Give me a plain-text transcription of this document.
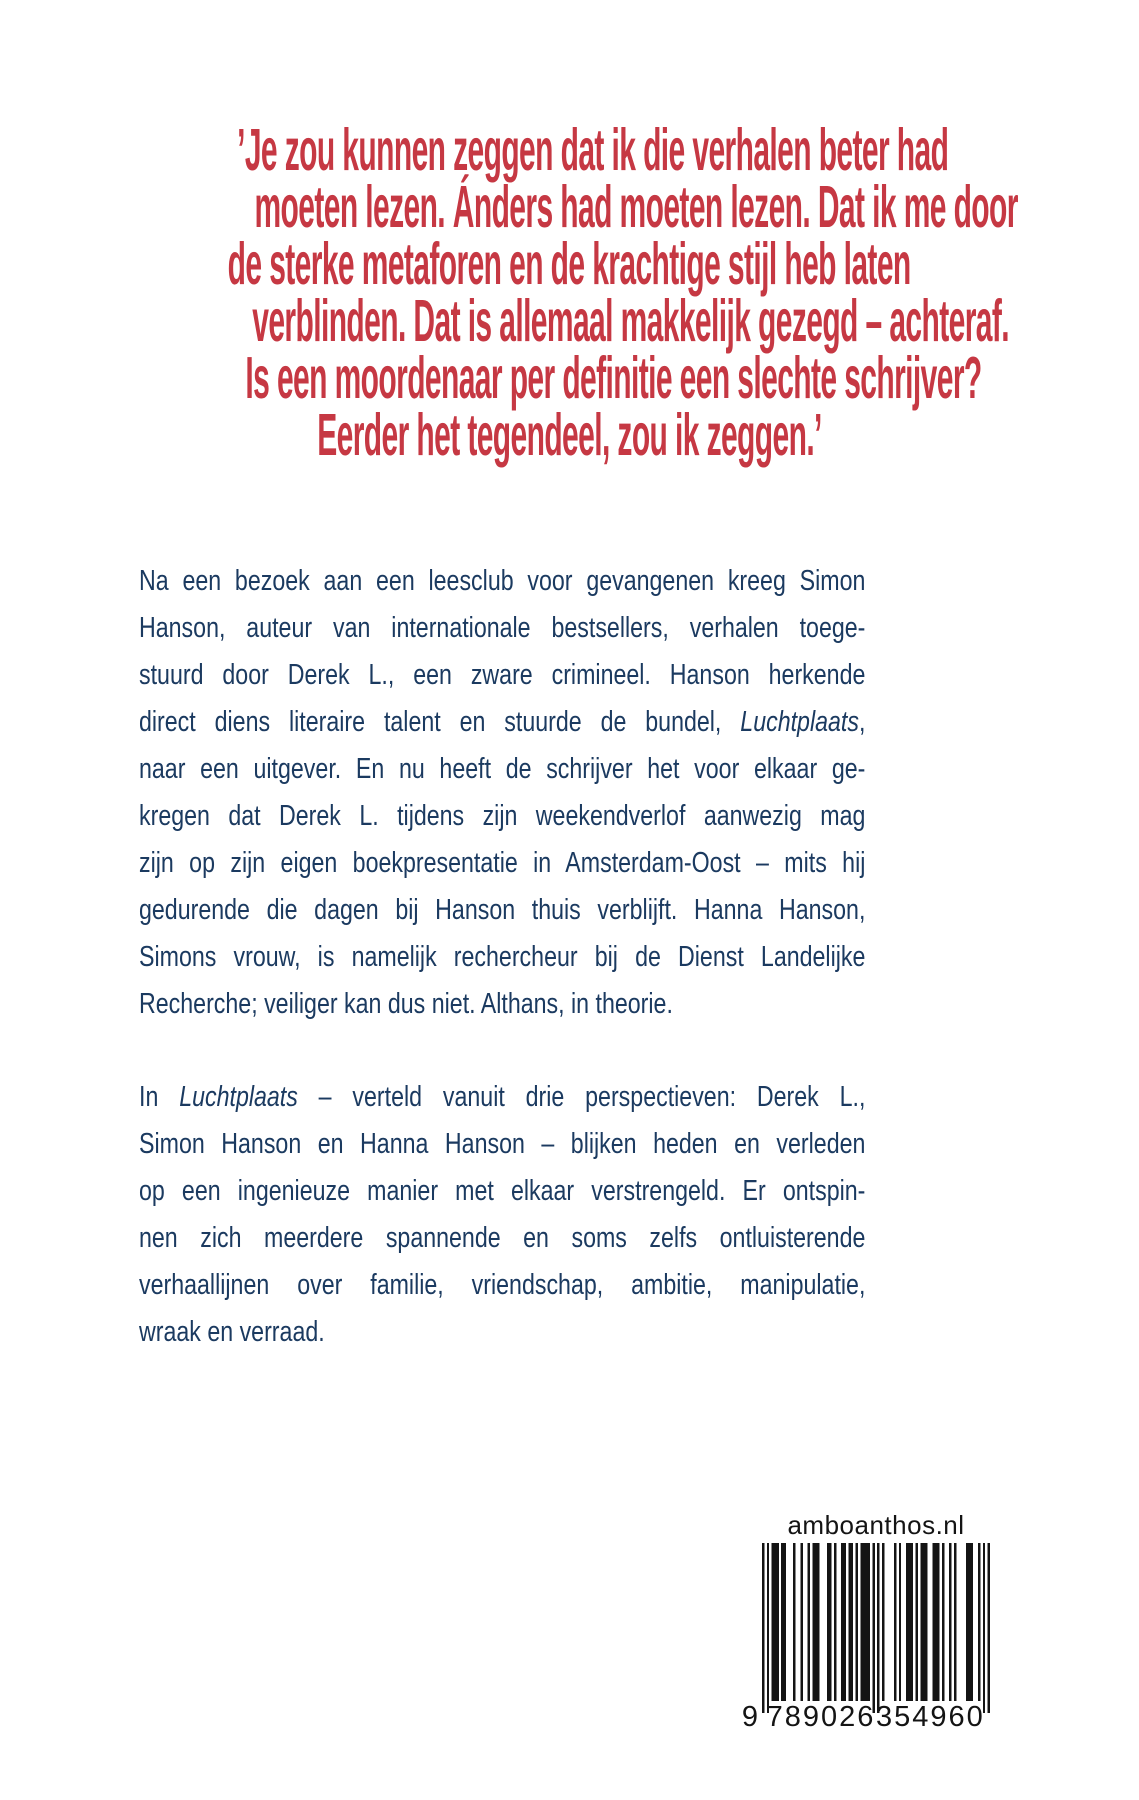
’Je zou kunnen zeggen dat ik die verhalen beter had
moeten lezen. Ánders had moeten lezen. Dat ik me door
de sterke metaforen en de krachtige stijl heb laten
verblinden. Dat is allemaal makkelijk gezegd – achteraf.
Is een moordenaar per definitie een slechte schrijver?
Eerder het tegendeel, zou ik zeggen.’
Na een bezoek aan een leesclub voor gevangenen kreeg Simon
Hanson, auteur van internationale bestsellers, verhalen toege-
stuurd door Derek L., een zware crimineel. Hanson herkende
direct diens literaire talent en stuurde de bundel, Luchtplaats,
naar een uitgever. En nu heeft de schrijver het voor elkaar ge-
kregen dat Derek L. tijdens zijn weekendverlof aanwezig mag
zijn op zijn eigen boekpresentatie in Amsterdam-Oost – mits hij
gedurende die dagen bij Hanson thuis verblijft. Hanna Hanson,
Simons vrouw, is namelijk rechercheur bij de Dienst Landelijke
Recherche; veiliger kan dus niet. Althans, in theorie.
In Luchtplaats – verteld vanuit drie perspectieven: Derek L.,
Simon Hanson en Hanna Hanson – blijken heden en verleden
op een ingenieuze manier met elkaar verstrengeld. Er ontspin-
nen zich meerdere spannende en soms zelfs ontluisterende
verhaallijnen over familie, vriendschap, ambitie, manipulatie,
wraak en verraad.
amboanthos.nl
9 789026 354960
